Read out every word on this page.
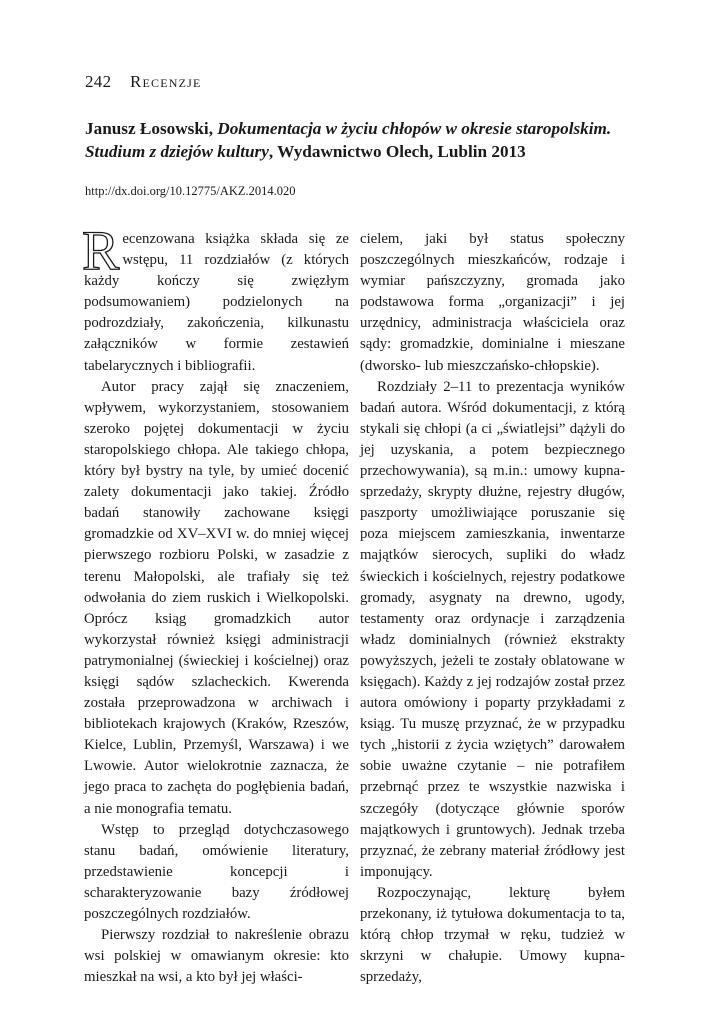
242 Recenzje
Janusz Łosowski, Dokumentacja w życiu chłopów w okresie staropolskim. Studium z dziejów kultury, Wydawnictwo Olech, Lublin 2013
http://dx.doi.org/10.12775/AKZ.2014.020

Recenzowana książka składa się ze wstępu, 11 rozdziałów (z których każdy kończy się zwięzłym podsumowaniem) podzielonych na podrozdziały, zakończenia, kilkunastu załączników w formie zestawień tabelarycznych i bibliografii.

Autor pracy zajął się znaczeniem, wpływem, wykorzystaniem, stosowaniem szeroko pojętej dokumentacji w życiu staropolskiego chłopa. Ale takiego chłopa, który był bystry na tyle, by umieć docenić zalety dokumentacji jako takiej. Źródło badań stanowiły zachowane księgi gromadzkie od XV–XVI w. do mniej więcej pierwszego rozbioru Polski, w zasadzie z terenu Małopolski, ale trafiały się też odwołania do ziem ruskich i Wielkopolski. Oprócz ksiąg gromadzkich autor wykorzystał również księgi administracji patrymonialnej (świeckiej i kościelnej) oraz księgi sądów szlacheckich. Kwerenda została przeprowadzona w archiwach i bibliotekach krajowych (Kraków, Rzeszów, Kielce, Lublin, Przemyśl, Warszawa) i we Lwowie. Autor wielokrotnie zaznacza, że jego praca to zachęta do pogłębienia badań, a nie monografia tematu.

Wstęp to przegląd dotychczasowego stanu badań, omówienie literatury, przedstawienie koncepcji i scharakteryzowanie bazy źródłowej poszczególnych rozdziałów.

Pierwszy rozdział to nakreślenie obrazu wsi polskiej w omawianym okresie: kto mieszkał na wsi, a kto był jej właści-

cielem, jaki był status społeczny poszczególnych mieszkańców, rodzaje i wymiar pańszczyzny, gromada jako podstawowa forma „organizacji” i jej urzędnicy, administracja właściciela oraz sądy: gromadzkie, dominialne i mieszane (dworsko- lub mieszczańsko-chłopskie).

Rozdziały 2–11 to prezentacja wyników badań autora. Wśród dokumentacji, z którą stykali się chłopi (a ci „światlejsi” dążyli do jej uzyskania, a potem bezpiecznego przechowywania), są m.in.: umowy kupna-sprzedaży, skrypty dłużne, rejestry długów, paszporty umożliwiające poruszanie się poza miejscem zamieszkania, inwentarze majątków sierocych, supliki do władz świeckich i kościelnych, rejestry podatkowe gromady, asygnaty na drewno, ugody, testamenty oraz ordynacje i zarządzenia władz dominialnych (również ekstrakty powyższych, jeżeli te zostały oblatowane w księgach). Każdy z jej rodzajów został przez autora omówiony i poparty przykładami z ksiąg. Tu muszę przyznać, że w przypadku tych „historii z życia wziętych” darowałem sobie uważne czytanie – nie potrafiłem przebrnąć przez te wszystkie nazwiska i szczegóły (dotyczące głównie sporów majątkowych i gruntowych). Jednak trzeba przyznać, że zebrany materiał źródłowy jest imponujący.

Rozpoczynając, lekturę byłem przekonany, iż tytułowa dokumentacja to ta, którą chłop trzymał w ręku, tudzież w skrzyni w chałupie. Umowy kupna-sprzedaży,
